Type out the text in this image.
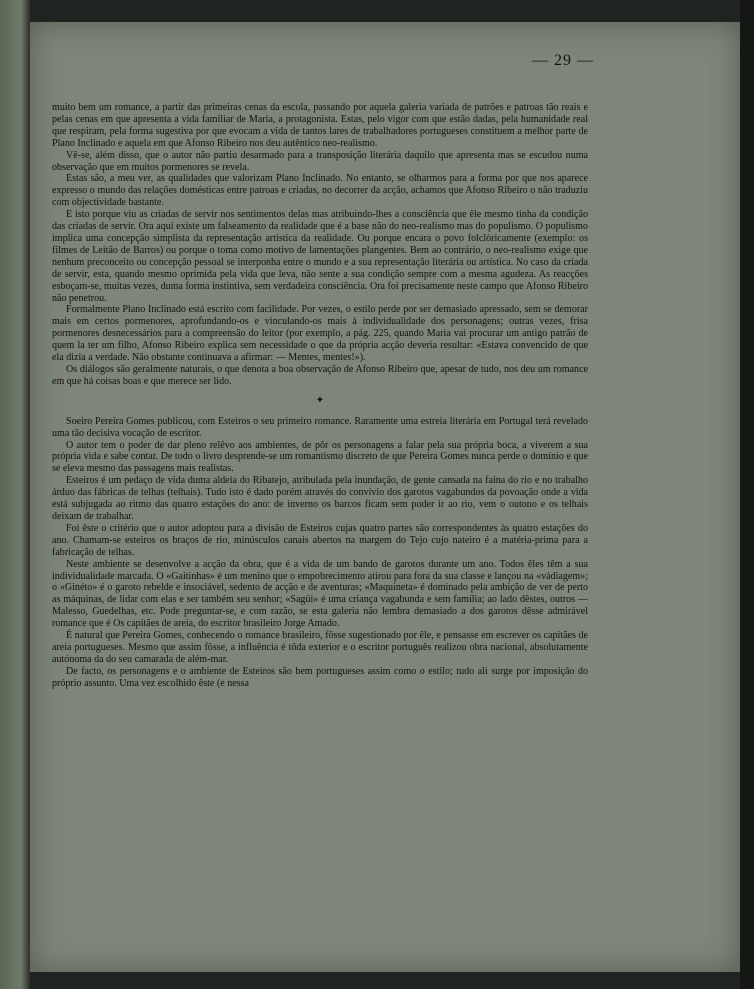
— 29 —

muito bem um romance, a partir das primeiras cenas da escola, passando por aquela galeria variada de patrões e patroas tão reais e pelas cenas em que apresenta a vida familiar de Maria, a protagonista. Estas, pelo vigor com que estão dadas, pela humanidade real que respiram, pela forma sugestiva por que evocam a vida de tantos lares de trabalhadores portugueses constituem a melhor parte de Plano Inclinado e aquela em que Afonso Ribeiro nos deu autêntico neo-realismo.

Vê-se, além disso, que o autor não partiu desarmado para a transposição literária daquilo que apresenta mas se escudou numa observação que em muitos pormenores se revela.

Estas são, a meu ver, as qualidades que valorizam Plano Inclinado. No entanto, se olharmos para a forma por que nos aparece expresso o mundo das relações domésticas entre patroas e criadas, no decorrer da acção, achamos que Afonso Ribeiro o não traduziu com objectividade bastante.

E isto porque viu as criadas de servir nos sentimentos delas mas atribuindo-lhes a consciência que êle mesmo tinha da condição das criadas de servir. Ora aqui existe um falseamento da realidade que é a base não do neo-realismo mas do populismo. O populismo implica uma concepção simplista da representação artística da realidade. Ou porque encara o povo folclòricamente (exemplo: os filmes de Leitão de Barros) ou porque o toma como motivo de lamentações plangentes. Bem ao contrário, o neo-realismo exige que nenhum preconceito ou concepção pessoal se interponha entre o mundo e a sua representação literária ou artística. No caso da criada de servir, esta, quando mesmo oprimida pela vida que leva, não sente a sua condição sempre com a mesma agudeza. As reacções esboçam-se, muitas vezes, duma forma instintiva, sem verdadeira consciência. Ora foi precisamente neste campo que Afonso Ribeiro não penetrou.

Formalmente Plano Inclinado está escrito com facilidade. Por vezes, o estilo perde por ser demasiado apressado, sem se demorar mais em certos pormenores, aprofundando-os e vinculando-os mais à individualidade dos personagens; outras vezes, frisa pormenores desnecessários para a compreensão do leitor (por exemplo, a pág. 225, quando Maria vai procurar um antigo patrão de quem la ter um filho, Afonso Ribeiro explica sem necessidade o que da própria acção deveria resultar: «Estava convencido de que ela dizia a verdade. Não obstante continuava a afirmar: — Mentes, mentes!»).

Os diálogos são geralmente naturais, o que denota a boa observação de Afonso Ribeiro que, apesar de tudo, nos deu um romance em que há coisas boas e que merece ser lido.

✦

Soeiro Pereira Gomes publicou, com Esteiros o seu primeiro romance. Raramente uma estreia literária em Portugal terá revelado uma tão decisiva vocação de escritor.

O autor tem o poder de dar pleno relêvo aos ambientes, de pôr os personagens a falar pela sua própria boca, a viverem a sua própria vida e sabe contar. De todo o livro desprende-se um romantismo discreto de que Pereira Gomes nunca perde o domínio e que se eleva mesmo das passagens mais realistas.

Esteiros é um pedaço de vida duma aldeia do Ribatejo, atribulada pela inundação, de gente cansada na faina do rio e no trabalho árduo das fábricas de telhas (telhais). Tudo isto é dado porém através do convívio dos garotos vagabundos da povoação onde a vida está subjugada ao ritmo das quatro estações do ano: de inverno os barcos ficam sem poder ir ao rio, vem o outono e os telhais deixam de trabalhar.

Foi êste o critério que o autor adoptou para a divisão de Esteiros cujas quatro partes são correspondentes às quatro estações do ano. Chamam-se esteiros os braços de rio, minúsculos canais abertos na margem do Tejo cujo nateiro é a matéria-prima para a fabricação de telhas.

Neste ambiente se desenvolve a acção da obra, que é a vida de um bando de garotos durante um ano. Todos êles têm a sua individualidade marcada. O «Gaitinhas» é um menino que o empobrecimento atirou para fora da sua classe e lançou na «vàdiagem»; o «Ginéto» é o garoto rebelde e insociável, sedento de acção e de aventuras; «Maquineta» é dominado pela ambição de ver de perto as máquinas, de lidar com elas e ser também seu senhor; «Sagüi» é uma criança vagabunda e sem família; ao lado dêstes, outros — Malesso, Guedelhas, etc. Pode preguntar-se, e com razão, se esta galeria não lembra demasiado a dos garotos dêsse admirável romance que é Os capitães de areia, do escritor brasileiro Jorge Amado.

É natural que Pereira Gomes, conhecendo o romance brasileiro, fôsse sugestionado por êle, e pensasse em escrever os capitães de areia portugueses. Mesmo que assim fôsse, a influência é tôda exterior e o escritor português realizou obra nacional, absolutamente autónoma da do seu camarada de além-mar.

De facto, os personagens e o ambiente de Esteiros são bem portugueses assim como o estilo; tudo ali surge por imposição do próprio assunto. Uma vez escolhido êste (e nessa
